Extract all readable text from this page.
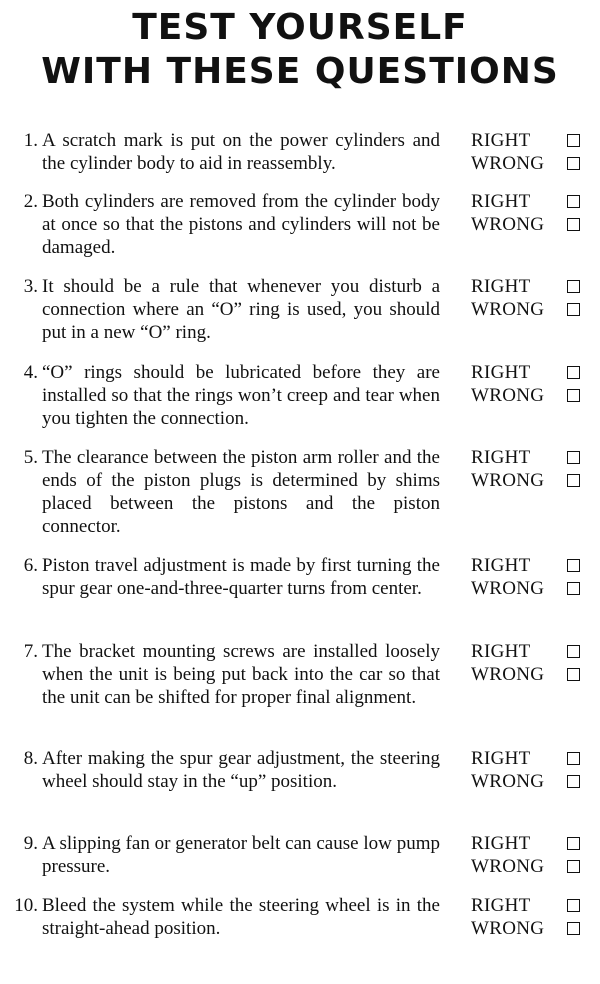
TEST YOURSELF
WITH THESE QUESTIONS
1. A scratch mark is put on the power cylinders and the cylinder body to aid in reassembly.
RIGHT
WRONG
2. Both cylinders are removed from the cylinder body at once so that the pistons and cylinders will not be damaged.
RIGHT
WRONG
3. It should be a rule that whenever you disturb a connection where an “O” ring is used, you should put in a new “O” ring.
RIGHT
WRONG
4. “O” rings should be lubricated before they are installed so that the rings won’t creep and tear when you tighten the connection.
RIGHT
WRONG
5. The clearance between the piston arm roller and the ends of the piston plugs is determined by shims placed between the pistons and the piston connector.
RIGHT
WRONG
6. Piston travel adjustment is made by first turning the spur gear one-and-three-quarter turns from center.
RIGHT
WRONG
7. The bracket mounting screws are installed loosely when the unit is being put back into the car so that the unit can be shifted for proper final alignment.
RIGHT
WRONG
8. After making the spur gear adjustment, the steering wheel should stay in the “up” position.
RIGHT
WRONG
9. A slipping fan or generator belt can cause low pump pressure.
RIGHT
WRONG
10. Bleed the system while the steering wheel is in the straight-ahead position.
RIGHT
WRONG
